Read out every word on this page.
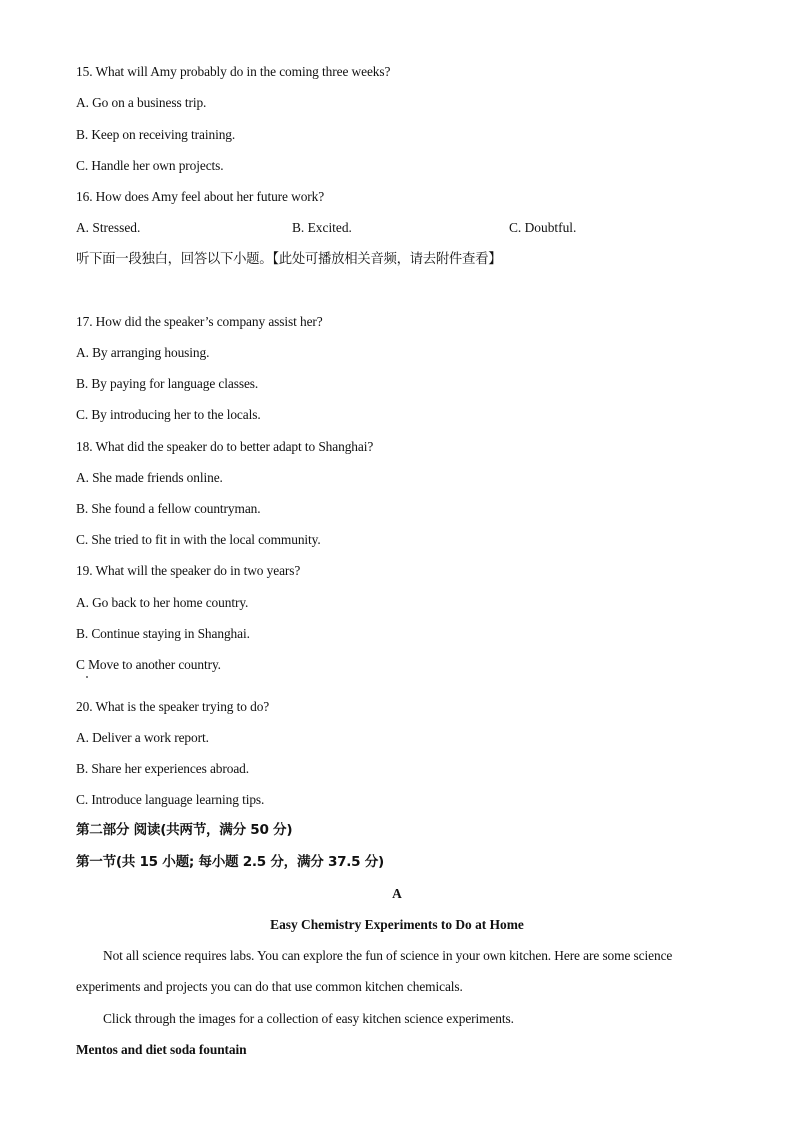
15. What will Amy probably do in the coming three weeks?
A. Go on a business trip.
B. Keep on receiving training.
C. Handle her own projects.
16. How does Amy feel about her future work?
A. Stressed.	B. Excited.	C. Doubtful.
听下面一段独白，回答以下小题。【此处可播放相关音频，请去附件查看】
17. How did the speaker’s company assist her?
A. By arranging housing.
B. By paying for language classes.
C. By introducing her to the locals.
18. What did the speaker do to better adapt to Shanghai?
A. She made friends online.
B. She found a fellow countryman.
C. She tried to fit in with the local community.
19. What will the speaker do in two years?
A. Go back to her home country.
B. Continue staying in Shanghai.
C Move to another country.
20. What is the speaker trying to do?
A. Deliver a work report.
B. Share her experiences abroad.
C. Introduce language learning tips.
第二部分 阅读(共两节，满分 50 分)
第一节(共 15 小题; 每小题 2.5 分，满分 37.5 分)
A
Easy Chemistry Experiments to Do at Home
Not all science requires labs. You can explore the fun of science in your own kitchen. Here are some science
experiments and projects you can do that use common kitchen chemicals.
Click through the images for a collection of easy kitchen science experiments.
Mentos and diet soda fountain
